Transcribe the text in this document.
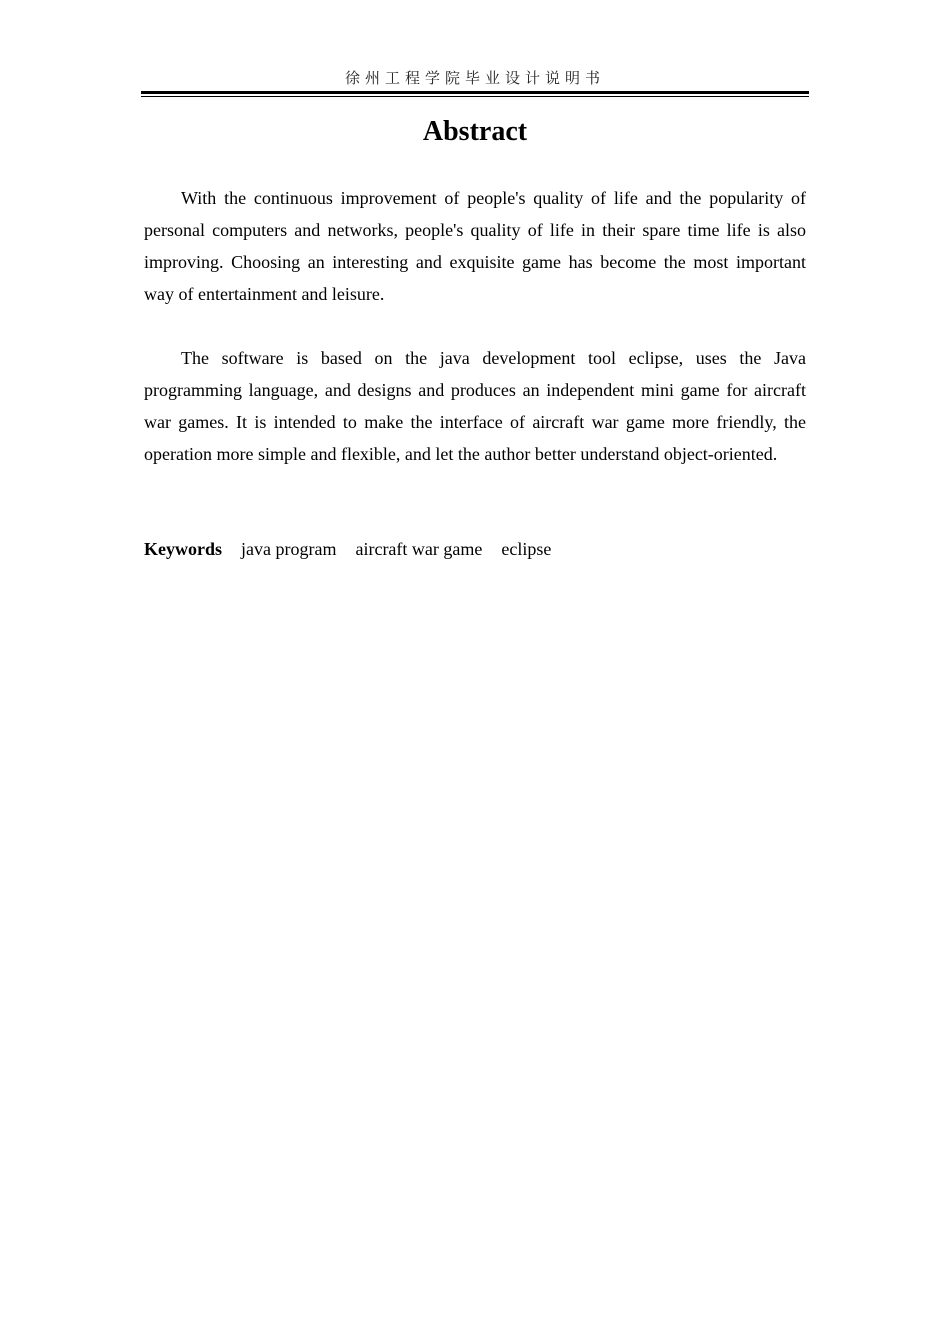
徐州工程学院毕业设计说明书
Abstract

With the continuous improvement of people's quality of life and the popularity of personal computers and networks, people's quality of life in their spare time life is also improving. Choosing an interesting and exquisite game has become the most important way of entertainment and leisure.

The software is based on the java development tool eclipse, uses the Java programming language, and designs and produces an independent mini game for aircraft war games. It is intended to make the interface of aircraft war game more friendly, the operation more simple and flexible, and let the author better understand object-oriented.

Keywords java program aircraft war game eclipse
